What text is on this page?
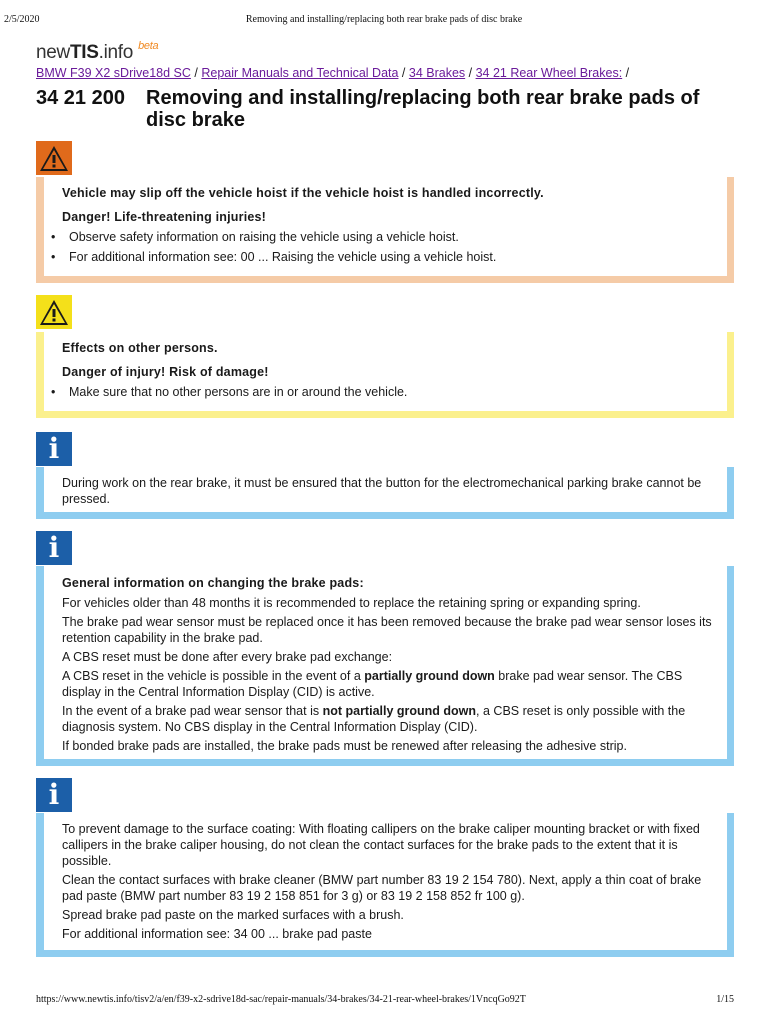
2/5/2020	Removing and installing/replacing both rear brake pads of disc brake
newTIS.info $^{beta}$
BMW F39 X2 sDrive18d SC / Repair Manuals and Technical Data / 34 Brakes / 34 21 Rear Wheel Brakes: /
34 21 200 Removing and installing/replacing both rear brake pads of disc brake
Vehicle may slip off the vehicle hoist if the vehicle hoist is handled incorrectly.
Danger! Life-threatening injuries!
• Observe safety information on raising the vehicle using a vehicle hoist.
• For additional information see: 00 ... Raising the vehicle using a vehicle hoist.
Effects on other persons.
Danger of injury! Risk of damage!
• Make sure that no other persons are in or around the vehicle.
i

During work on the rear brake, it must be ensured that the button for the electromechanical parking brake cannot be pressed.

i
General information on changing the brake pads:

For vehicles older than 48 months it is recommended to replace the retaining spring or expanding spring.

The brake pad wear sensor must be replaced once it has been removed because the brake pad wear sensor loses its retention capability in the brake pad.

A CBS reset must be done after every brake pad exchange:

A CBS reset in the vehicle is possible in the event of a partially ground down brake pad wear sensor. The CBS display in the Central Information Display (CID) is active.

In the event of a brake pad wear sensor that is not partially ground down, a CBS reset is only possible with the diagnosis system. No CBS display in the Central Information Display (CID).

If bonded brake pads are installed, the brake pads must be renewed after releasing the adhesive strip.

i

To prevent damage to the surface coating: With floating callipers on the brake caliper mounting bracket or with fixed callipers in the brake caliper housing, do not clean the contact surfaces for the brake pads to the extent that it is possible.

Clean the contact surfaces with brake cleaner (BMW part number 83 19 2 154 780). Next, apply a thin coat of brake pad paste (BMW part number 83 19 2 158 851 for 3 g) or 83 19 2 158 852 fr 100 g).

Spread brake pad paste on the marked surfaces with a brush.

For additional information see: 34 00 ... brake pad paste

https://www.newtis.info/tisv2/a/en/f39-x2-sdrive18d-sac/repair-manuals/34-brakes/34-21-rear-wheel-brakes/1VncqGo92T	1/15
